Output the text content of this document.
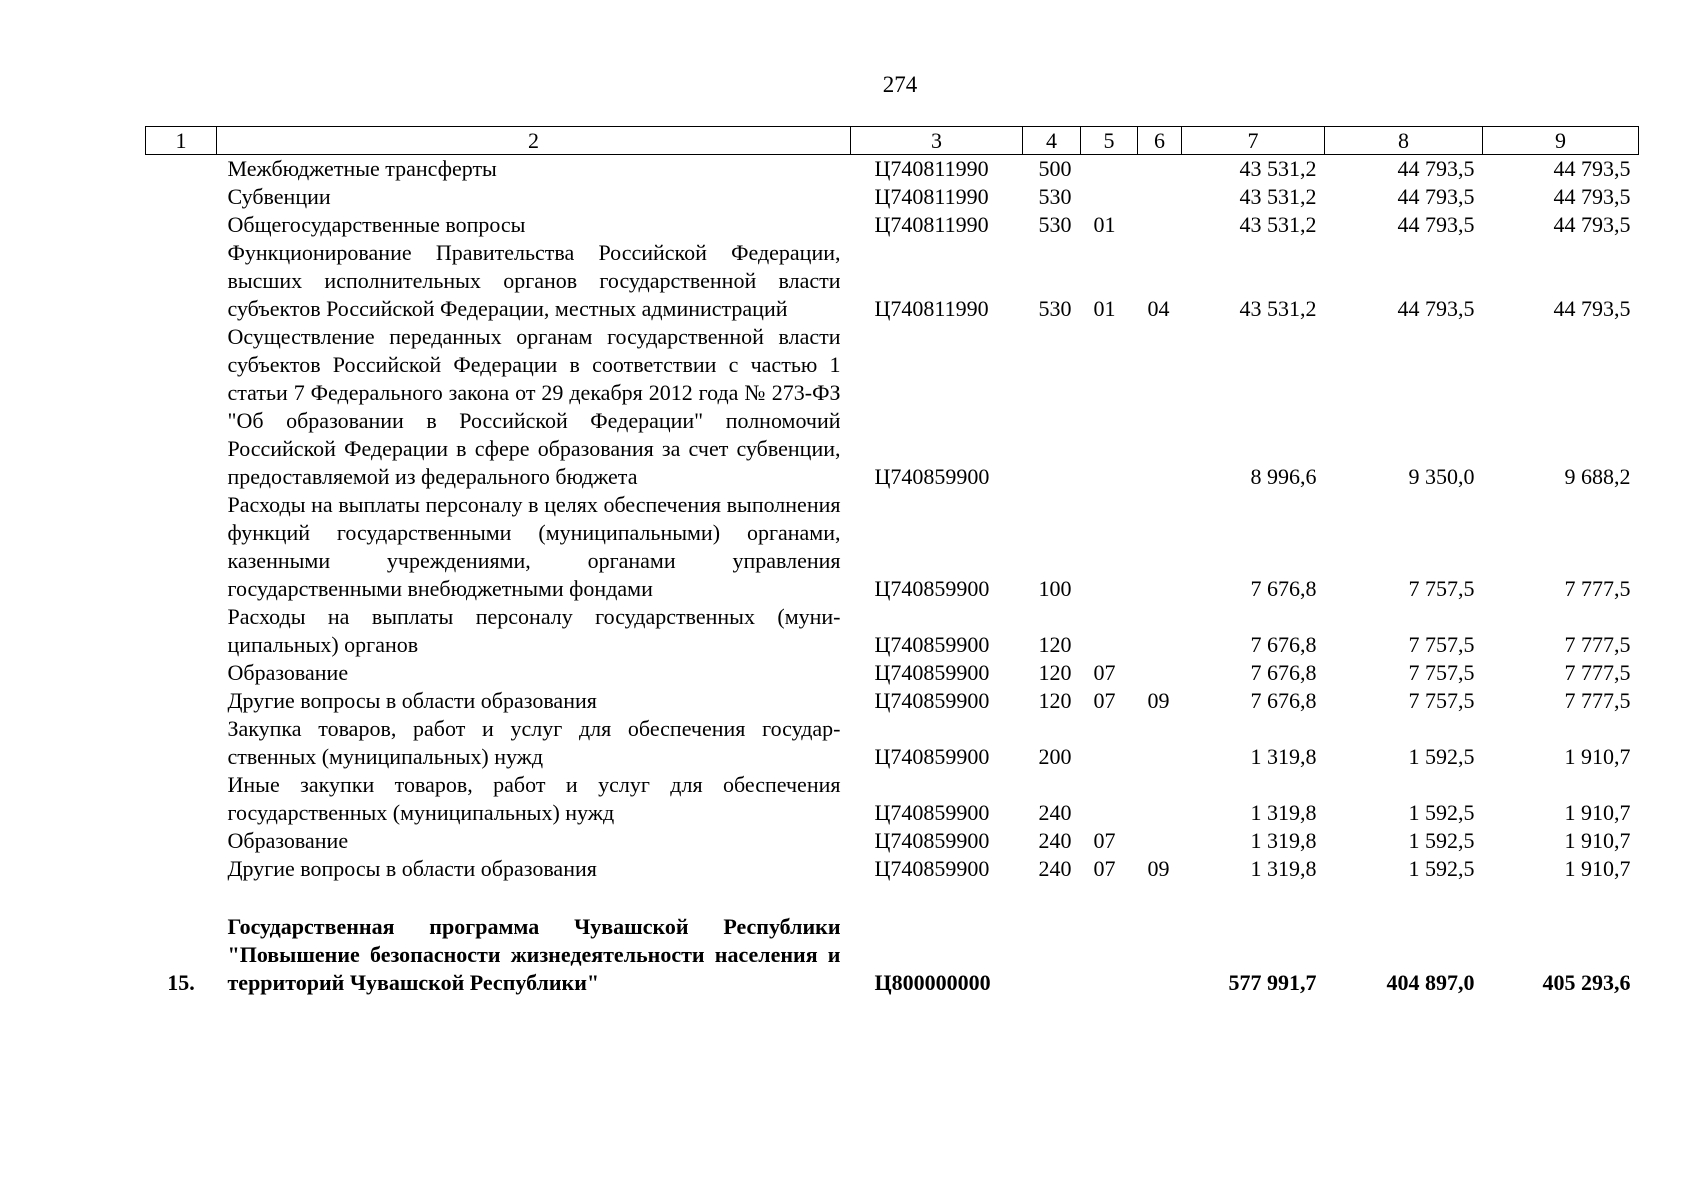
274
1	2	3	4	5	6	7	8	9
	Межбюджетные трансферты	Ц740811990	500			43 531,2	44 793,5	44 793,5
	Субвенции	Ц740811990	530			43 531,2	44 793,5	44 793,5
	Общегосударственные вопросы	Ц740811990	530	01		43 531,2	44 793,5	44 793,5
	Функционирование Правительства Российской Федерации, высших исполнительных органов государственной власти субъектов Российской Федерации, местных администраций	Ц740811990	530	01	04	43 531,2	44 793,5	44 793,5
	Осуществление переданных органам государственной власти субъектов Российской Федерации в соответствии с частью 1 статьи 7 Федерального закона от 29 декабря 2012 года № 273-ФЗ "Об образовании в Российской Федерации" полномочий Российской Федерации в сфере образования за счет субвенции, предоставляемой из федерального бюджета	Ц740859900				8 996,6	9 350,0	9 688,2
	Расходы на выплаты персоналу в целях обеспечения выполнения функций государственными (муниципальными) органами, казенными учреждениями, органами управления государственными внебюджетными фондами	Ц740859900	100			7 676,8	7 757,5	7 777,5
	Расходы на выплаты персоналу государственных (муниципальных) органов	Ц740859900	120			7 676,8	7 757,5	7 777,5
	Образование	Ц740859900	120	07		7 676,8	7 757,5	7 777,5
	Другие вопросы в области образования	Ц740859900	120	07	09	7 676,8	7 757,5	7 777,5
	Закупка товаров, работ и услуг для обеспечения государственных (муниципальных) нужд	Ц740859900	200			1 319,8	1 592,5	1 910,7
	Иные закупки товаров, работ и услуг для обеспечения государственных (муниципальных) нужд	Ц740859900	240			1 319,8	1 592,5	1 910,7
	Образование	Ц740859900	240	07		1 319,8	1 592,5	1 910,7
	Другие вопросы в области образования	Ц740859900	240	07	09	1 319,8	1 592,5	1 910,7
15.	Государственная программа Чувашской Республики "Повышение безопасности жизнедеятельности населения и территорий Чувашской Республики"	Ц800000000				577 991,7	404 897,0	405 293,6
